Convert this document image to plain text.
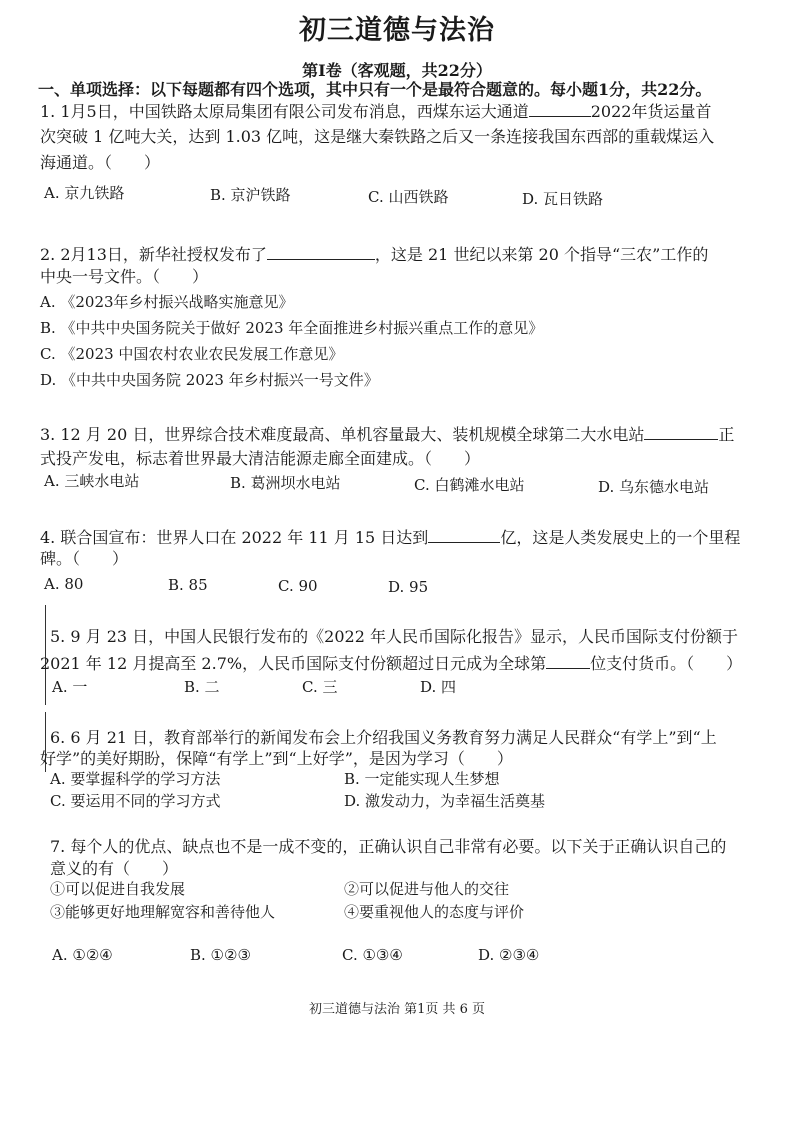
初三道德与法治
第Ⅰ卷（客观题，共22分）
一、单项选择：以下每题都有四个选项，其中只有一个是最符合题意的。每小题1分，共22分。
1. 1月5日，中国铁路太原局集团有限公司发布消息，西煤东运大通道	2022年货运量首
次突破 1 亿吨大关，达到 1.03 亿吨，这是继大秦铁路之后又一条连接我国东西部的重载煤运入
海通道。（　　）
A. 京九铁路	B. 京沪铁路	C. 山西铁路	D. 瓦日铁路
2. 2月13日，新华社授权发布了	，这是 21 世纪以来第 20 个指导“三农”工作的
中央一号文件。（　　）
A. 《2023年乡村振兴战略实施意见》
B. 《中共中央国务院关于做好 2023 年全面推进乡村振兴重点工作的意见》
C. 《2023 中国农村农业农民发展工作意见》
D. 《中共中央国务院 2023 年乡村振兴一号文件》
3. 12 月 20 日，世界综合技术难度最高、单机容量最大、装机规模全球第二大水电站	正
式投产发电，标志着世界最大清洁能源走廊全面建成。（　　）
A. 三峡水电站	B. 葛洲坝水电站	C. 白鹤滩水电站	D. 乌东德水电站
4. 联合国宣布：世界人口在 2022 年 11 月 15 日达到	亿，这是人类发展史上的一个里程
碑。（　　）
A. 80	B. 85	C. 90	D. 95
5. 9 月 23 日，中国人民银行发布的《2022 年人民币国际化报告》显示，人民币国际支付份额于
2021 年 12 月提高至 2.7%，人民币国际支付份额超过日元成为全球第	位支付货币。（　　）
A. 一	B. 二	C. 三	D. 四
6. 6 月 21 日，教育部举行的新闻发布会上介绍我国义务教育努力满足人民群众“有学上”到“上
好学”的美好期盼，保障“有学上”到“上好学”，是因为学习（　　）
A. 要掌握科学的学习方法	B. 一定能实现人生梦想
C. 要运用不同的学习方式	D. 激发动力，为幸福生活奠基
7. 每个人的优点、缺点也不是一成不变的，正确认识自己非常有必要。以下关于正确认识自己的
意义的有（　　）
①可以促进自我发展	②可以促进与他人的交往
③能够更好地理解宽容和善待他人	④要重视他人的态度与评价
A. ①②④	B. ①②③	C. ①③④	D. ②③④
初三道德与法治 第1页 共 6 页
